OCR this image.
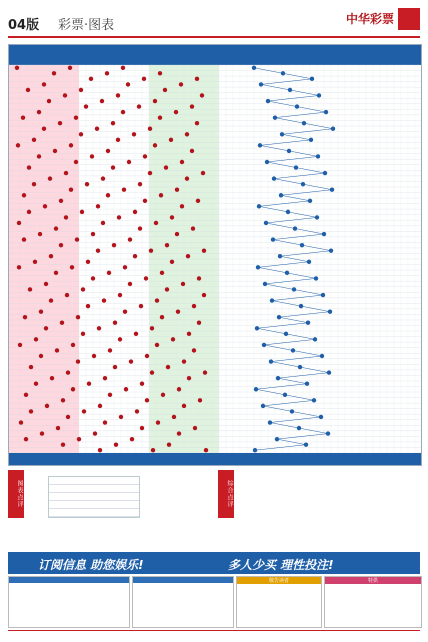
04版 彩票·图表	中华彩票
图表点评	综合点评
订阅信息 助您娱乐!	多人少买 理性投注!

敬告读者	特供
